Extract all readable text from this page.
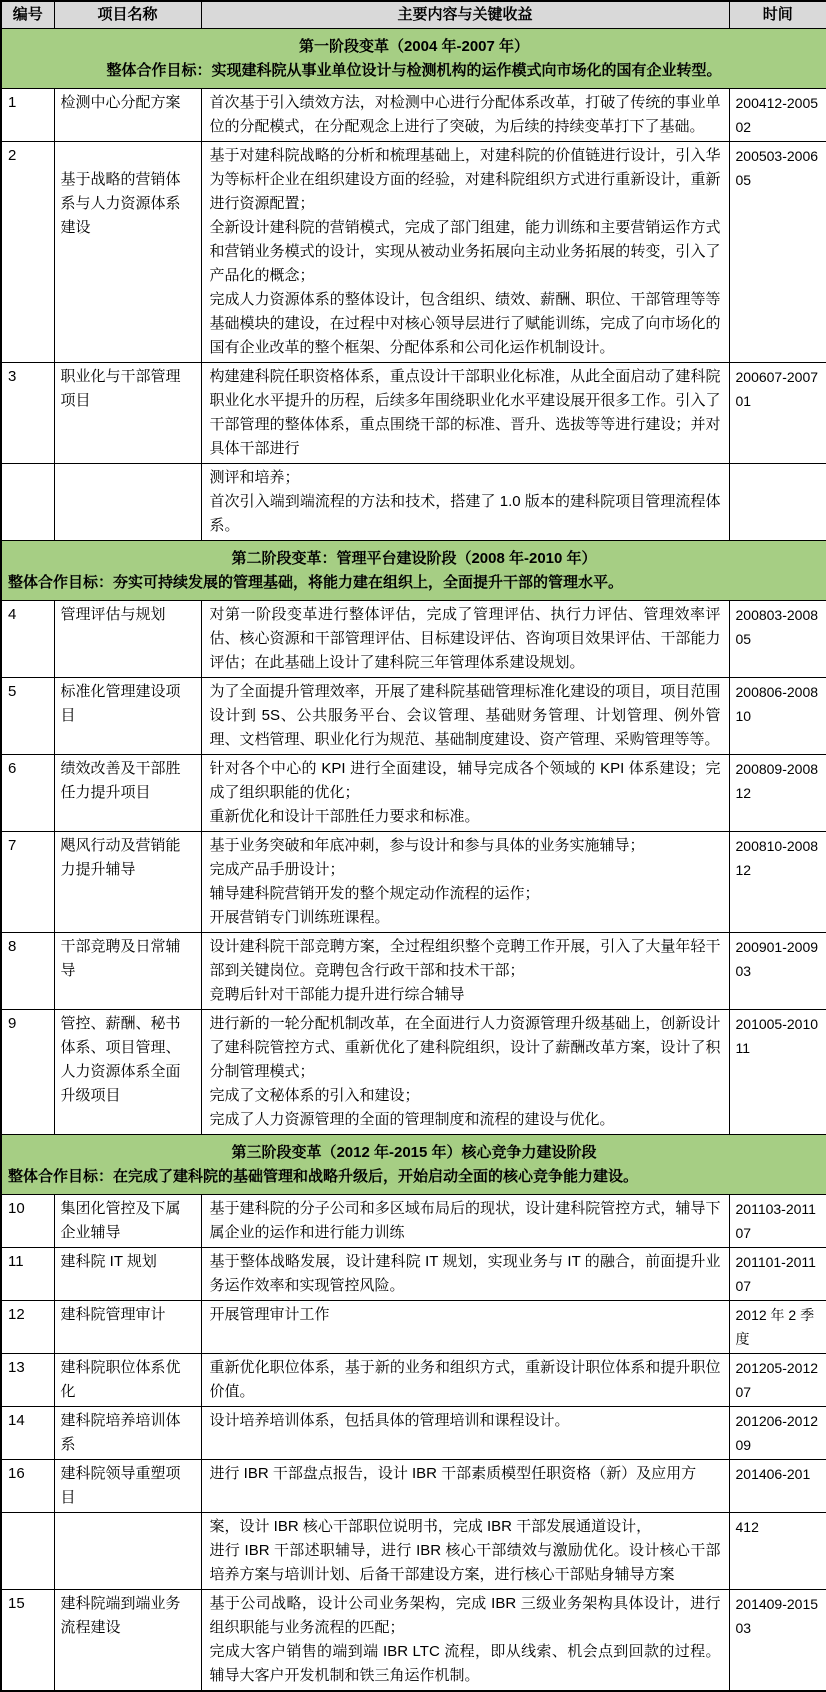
编号	项目名称	主要内容与关键收益	时间

第一阶段变革（2004 年-2007 年）
整体合作目标：实现建科院从事业单位设计与检测机构的运作模式向市场化的国有企业转型。			

1	检测中心分配方案	首次基于引入绩效方法，对检测中心进行分配体系改革，打破了传统的事业单位的分配模式，在分配观念上进行了突破，为后续的持续变革打下了基础。	200412-200502
2	基于战略的营销体系与人力资源体系建设	基于对建科院战略的分析和梳理基础上，对建科院的价值链进行设计，引入华为等标杆企业在组织建设方面的经验，对建科院组织方式进行重新设计，重新进行资源配置；
全新设计建科院的营销模式，完成了部门组建，能力训练和主要营销运作方式和营销业务模式的设计，实现从被动业务拓展向主动业务拓展的转变，引入了产品化的概念；
完成人力资源体系的整体设计，包含组织、绩效、薪酬、职位、干部管理等等基础模块的建设，在过程中对核心领导层进行了赋能训练，完成了向市场化的国有企业改革的整个框架、分配体系和公司化运作机制设计。	200503-200605
3	职业化与干部管理项目	构建建科院任职资格体系，重点设计干部职业化标准，从此全面启动了建科院职业化水平提升的历程，后续多年围绕职业化水平建设展开很多工作。引入了干部管理的整体体系，重点围绕干部的标准、晋升、选拔等等进行建设；并对具体干部进行	200607-200701

		测评和培养；
首次引入端到端流程的方法和技术，搭建了 1.0 版本的建科院项目管理流程体系。	

第二阶段变革：管理平台建设阶段（2008 年-2010 年）
整体合作目标：夯实可持续发展的管理基础，将能力建在组织上，全面提升干部的管理水平。			

4	管理评估与规划	对第一阶段变革进行整体评估，完成了管理评估、执行力评估、管理效率评估、核心资源和干部管理评估、目标建设评估、咨询项目效果评估、干部能力评估；在此基础上设计了建科院三年管理体系建设规划。	200803-200805
5	标准化管理建设项目	为了全面提升管理效率，开展了建科院基础管理标准化建设的项目，项目范围设计到 5S、公共服务平台、会议管理、基础财务管理、计划管理、例外管理、文档管理、职业化行为规范、基础制度建设、资产管理、采购管理等等。	200806-200810
6	绩效改善及干部胜任力提升项目	针对各个中心的 KPI 进行全面建设，辅导完成各个领域的 KPI 体系建设；完成了组织职能的优化；
重新优化和设计干部胜任力要求和标准。	200809-200812
7	飓风行动及营销能力提升辅导	基于业务突破和年底冲刺，参与设计和参与具体的业务实施辅导；
完成产品手册设计；
辅导建科院营销开发的整个规定动作流程的运作；
开展营销专门训练班课程。	200810-200812
8	干部竞聘及日常辅导	设计建科院干部竞聘方案，全过程组织整个竞聘工作开展，引入了大量年轻干部到关键岗位。竞聘包含行政干部和技术干部；
竞聘后针对干部能力提升进行综合辅导	200901-200903
9	管控、薪酬、秘书体系、项目管理、人力资源体系全面升级项目	进行新的一轮分配机制改革，在全面进行人力资源管理升级基础上，创新设计了建科院管控方式、重新优化了建科院组织，设计了薪酬改革方案，设计了积分制管理模式；
完成了文秘体系的引入和建设；
完成了人力资源管理的全面的管理制度和流程的建设与优化。	201005-201011

第三阶段变革（2012 年-2015 年）核心竞争力建设阶段
整体合作目标：在完成了建科院的基础管理和战略升级后，开始启动全面的核心竞争能力建设。			

10	集团化管控及下属企业辅导	基于建科院的分子公司和多区域布局后的现状，设计建科院管控方式，辅导下属企业的运作和进行能力训练	201103-201107
11	建科院 IT 规划	基于整体战略发展，设计建科院 IT 规划，实现业务与 IT 的融合，前面提升业务运作效率和实现管控风险。	201101-201107
12	建科院管理审计	开展管理审计工作	2012 年 2 季度
13	建科院职位体系优化	重新优化职位体系，基于新的业务和组织方式，重新设计职位体系和提升职位价值。	201205-201207
14	建科院培养培训体系	设计培养培训体系，包括具体的管理培训和课程设计。	201206-201209
16	建科院领导重塑项目	进行 IBR 干部盘点报告，设计 IBR 干部素质模型任职资格（新）及应用方	201406-201

		案，设计 IBR 核心干部职位说明书，完成 IBR 干部发展通道设计，
进行 IBR 干部述职辅导，进行 IBR 核心干部绩效与激励优化。设计核心干部培养方案与培训计划、后备干部建设方案，进行核心干部贴身辅导方案	412
15	建科院端到端业务流程建设	基于公司战略，设计公司业务架构，完成 IBR 三级业务架构具体设计，进行组织职能与业务流程的匹配；
完成大客户销售的端到端 IBR LTC 流程，即从线索、机会点到回款的过程。辅导大客户开发机制和铁三角运作机制。	201409-201503
